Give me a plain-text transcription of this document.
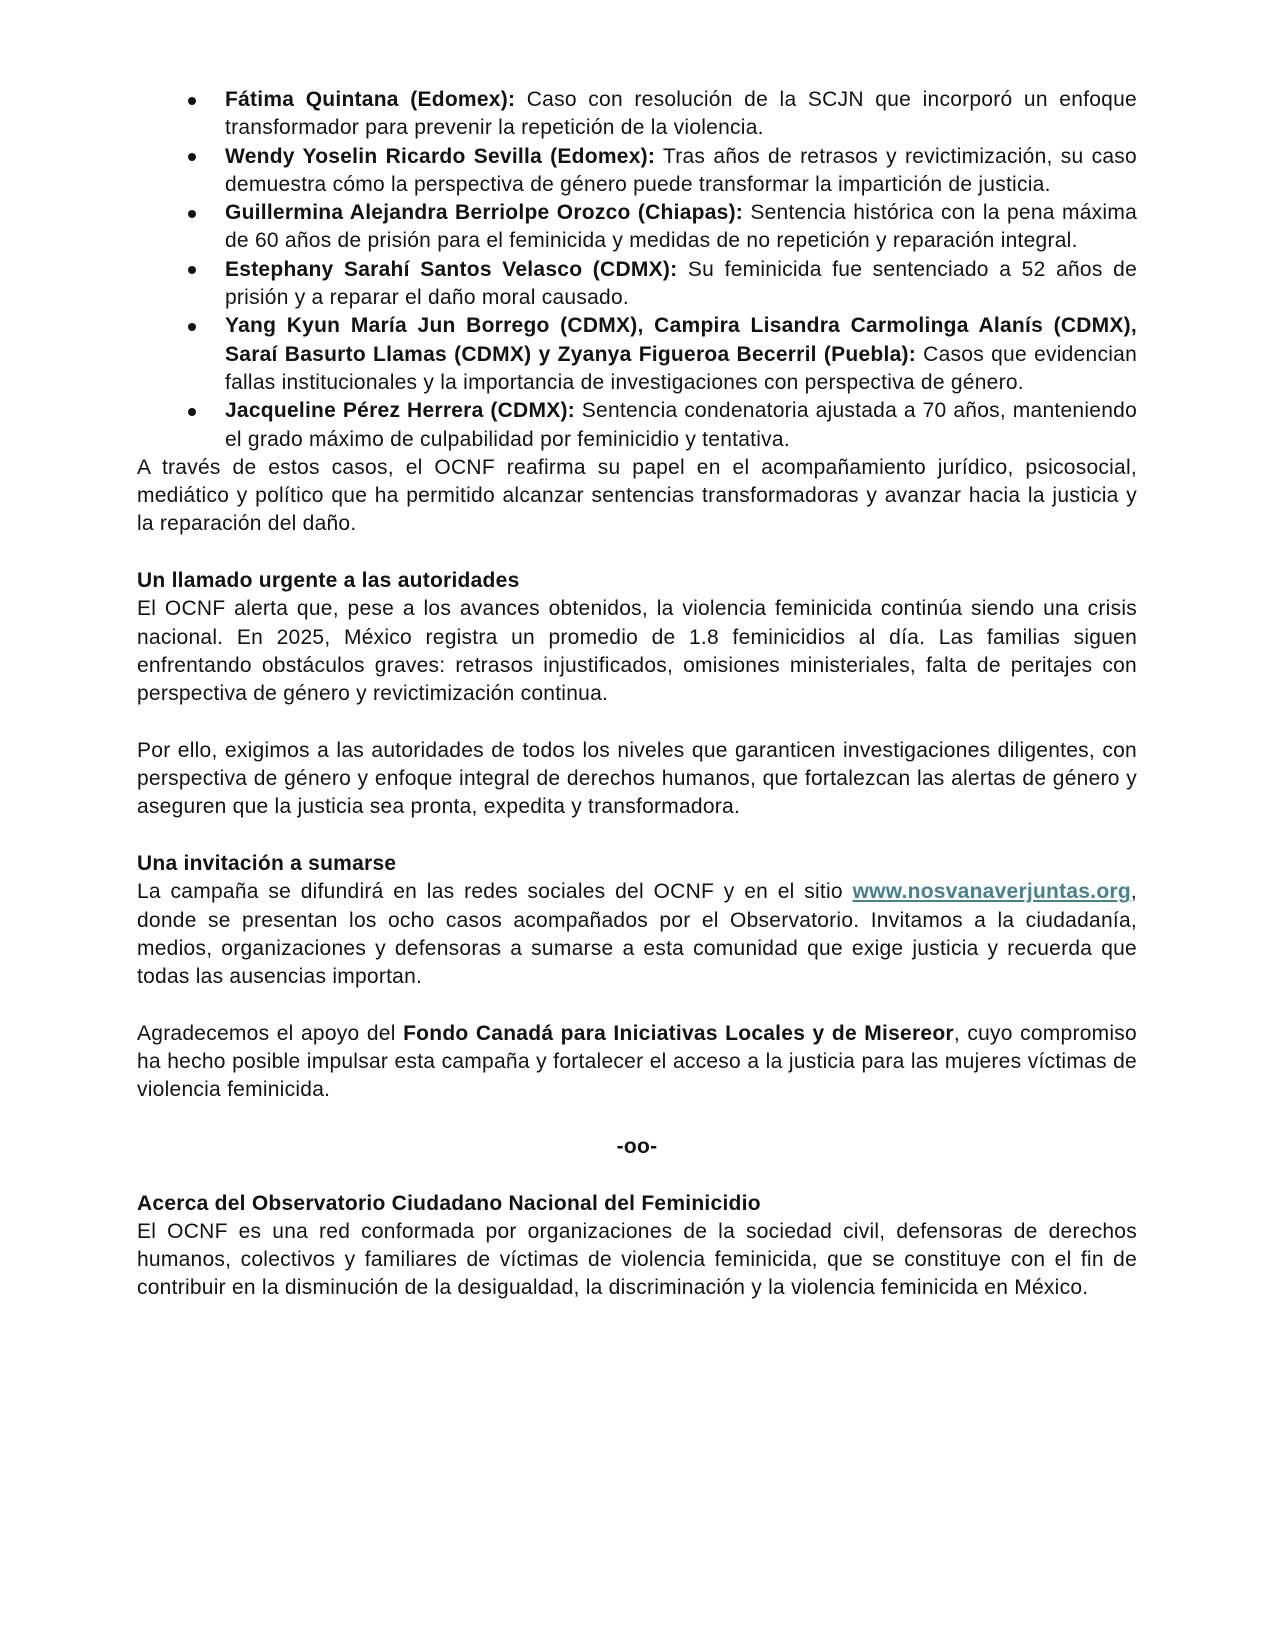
Fátima Quintana (Edomex): Caso con resolución de la SCJN que incorporó un enfoque transformador para prevenir la repetición de la violencia.
Wendy Yoselin Ricardo Sevilla (Edomex): Tras años de retrasos y revictimización, su caso demuestra cómo la perspectiva de género puede transformar la impartición de justicia.
Guillermina Alejandra Berriolpe Orozco (Chiapas): Sentencia histórica con la pena máxima de 60 años de prisión para el feminicida y medidas de no repetición y reparación integral.
Estephany Sarahí Santos Velasco (CDMX): Su feminicida fue sentenciado a 52 años de prisión y a reparar el daño moral causado.
Yang Kyun María Jun Borrego (CDMX), Campira Lisandra Carmolinga Alanís (CDMX), Saraí Basurto Llamas (CDMX) y Zyanya Figueroa Becerril (Puebla): Casos que evidencian fallas institucionales y la importancia de investigaciones con perspectiva de género.
Jacqueline Pérez Herrera (CDMX): Sentencia condenatoria ajustada a 70 años, manteniendo el grado máximo de culpabilidad por feminicidio y tentativa.

A través de estos casos, el OCNF reafirma su papel en el acompañamiento jurídico, psicosocial, mediático y político que ha permitido alcanzar sentencias transformadoras y avanzar hacia la justicia y la reparación del daño.

Un llamado urgente a las autoridades

El OCNF alerta que, pese a los avances obtenidos, la violencia feminicida continúa siendo una crisis nacional. En 2025, México registra un promedio de 1.8 feminicidios al día. Las familias siguen enfrentando obstáculos graves: retrasos injustificados, omisiones ministeriales, falta de peritajes con perspectiva de género y revictimización continua.

Por ello, exigimos a las autoridades de todos los niveles que garanticen investigaciones diligentes, con perspectiva de género y enfoque integral de derechos humanos, que fortalezcan las alertas de género y aseguren que la justicia sea pronta, expedita y transformadora.

Una invitación a sumarse

La campaña se difundirá en las redes sociales del OCNF y en el sitio www.nosvanaverjuntas.org, donde se presentan los ocho casos acompañados por el Observatorio. Invitamos a la ciudadanía, medios, organizaciones y defensoras a sumarse a esta comunidad que exige justicia y recuerda que todas las ausencias importan.

Agradecemos el apoyo del Fondo Canadá para Iniciativas Locales y de Misereor, cuyo compromiso ha hecho posible impulsar esta campaña y fortalecer el acceso a la justicia para las mujeres víctimas de violencia feminicida.

-oo-

Acerca del Observatorio Ciudadano Nacional del Feminicidio

El OCNF es una red conformada por organizaciones de la sociedad civil, defensoras de derechos humanos, colectivos y familiares de víctimas de violencia feminicida, que se constituye con el fin de contribuir en la disminución de la desigualdad, la discriminación y la violencia feminicida en México.
